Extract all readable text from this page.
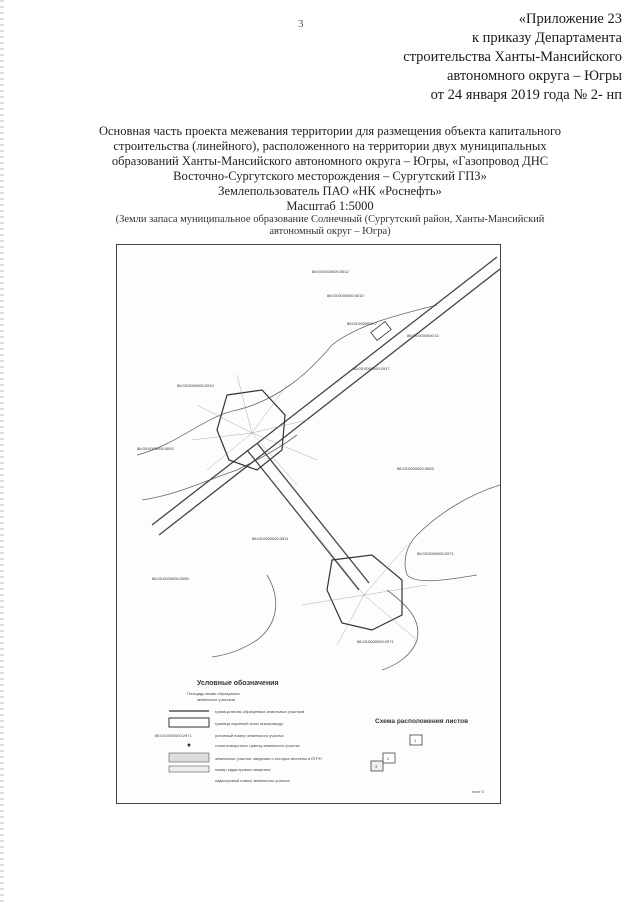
3	«Приложение 23
к приказу Департамента
строительства Ханты-Мансийского
автономного округа – Югры
от 24 января 2019 года № 2- нп
Основная часть проекта межевания территории для размещения объекта капитального
строительства (линейного), расположенного на территории двух муниципальных
образований Ханты-Мансийского автономного округа – Югры, «Газопровод ДНС
Восточно-Сургутского месторождения – Сургутский ГПЗ»
Землепользователь ПАО «НК «Роснефть»
Масштаб 1:5000
(Земли запаса муниципальное образование Солнечный (Сургутский район, Ханты-Мансийский
автономный округ – Югра)
86:03:0000000:3012
86:03:0000000:3010
86:03:0000000:7
86:03:0000000:11
86:03:0000000:2917
86:03:0000000:2910
86:03:0000000:3092
86:03:0000000:3093
86:03:0000000:3011
86:03:0000000:2971
86:03:0000000:2050
86:03:0000000:2971
Условные обозначения
Площадь вновь образуемых
земельных участков
граница вновь образуемых земельных участков
граница охранной зоны газопровода
86:03:0000000:2971	условный номер земельного участка
точка поворотных границ земельного участка
земельные участки, сведения о которых внесены в ЕГРН
номер кадастрового квартала
кадастровый номер земельного участка
Схема расположения листов
1
2
3
лист 3
